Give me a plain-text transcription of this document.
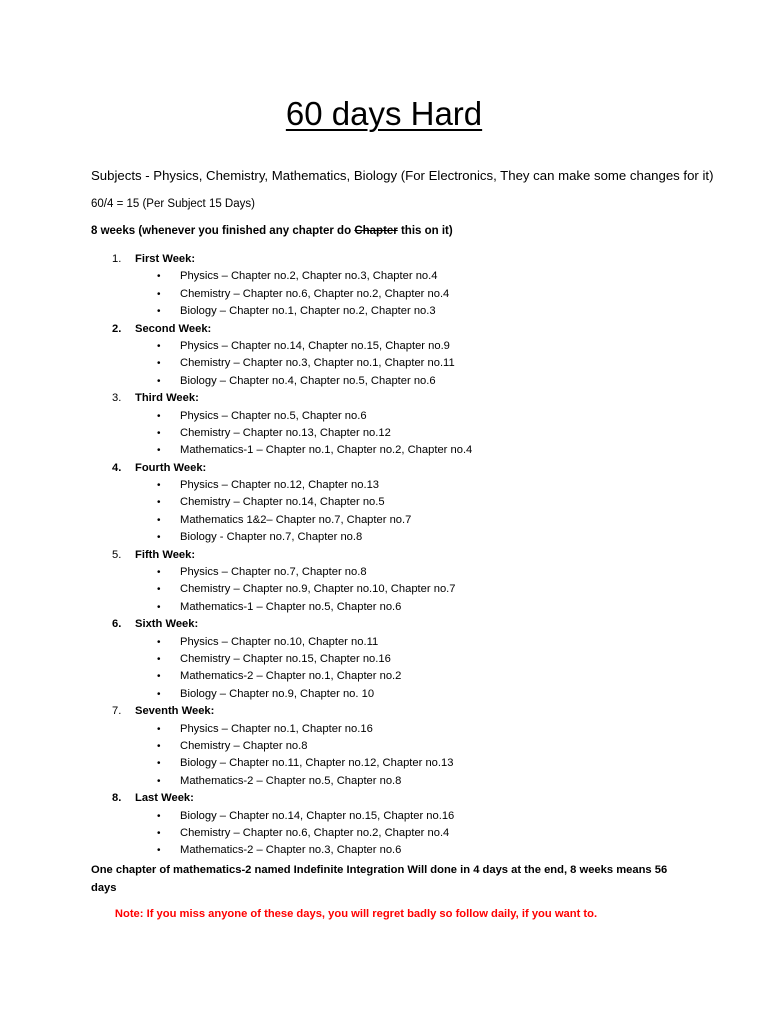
60 days Hard
Subjects - Physics, Chemistry, Mathematics, Biology (For Electronics, They can make some changes for it)
60/4 = 15 (Per Subject 15 Days)
8 weeks (whenever you finished any chapter do Chapter this on it)
1. First Week:
• Physics – Chapter no.2, Chapter no.3, Chapter no.4
• Chemistry – Chapter no.6, Chapter no.2, Chapter no.4
• Biology – Chapter no.1, Chapter no.2, Chapter no.3
2. Second Week:
• Physics – Chapter no.14, Chapter no.15, Chapter no.9
• Chemistry – Chapter no.3, Chapter no.1, Chapter no.11
• Biology – Chapter no.4, Chapter no.5, Chapter no.6
3. Third Week:
• Physics – Chapter no.5, Chapter no.6
• Chemistry – Chapter no.13, Chapter no.12
• Mathematics-1 – Chapter no.1, Chapter no.2, Chapter no.4
4. Fourth Week:
• Physics – Chapter no.12, Chapter no.13
• Chemistry – Chapter no.14, Chapter no.5
• Mathematics 1&2– Chapter no.7, Chapter no.7
• Biology - Chapter no.7, Chapter no.8
5. Fifth Week:
• Physics – Chapter no.7, Chapter no.8
• Chemistry – Chapter no.9, Chapter no.10, Chapter no.7
• Mathematics-1 – Chapter no.5, Chapter no.6
6. Sixth Week:
• Physics – Chapter no.10, Chapter no.11
• Chemistry – Chapter no.15, Chapter no.16
• Mathematics-2 – Chapter no.1, Chapter no.2
• Biology – Chapter no.9, Chapter no. 10
7. Seventh Week:
• Physics – Chapter no.1, Chapter no.16
• Chemistry – Chapter no.8
• Biology – Chapter no.11, Chapter no.12, Chapter no.13
• Mathematics-2 – Chapter no.5, Chapter no.8
8. Last Week:
• Biology – Chapter no.14, Chapter no.15, Chapter no.16
• Chemistry – Chapter no.6, Chapter no.2, Chapter no.4
• Mathematics-2 – Chapter no.3, Chapter no.6
One chapter of mathematics-2 named Indefinite Integration Will done in 4 days at the end, 8 weeks means 56 days
Note: If you miss anyone of these days, you will regret badly so follow daily, if you want to.
